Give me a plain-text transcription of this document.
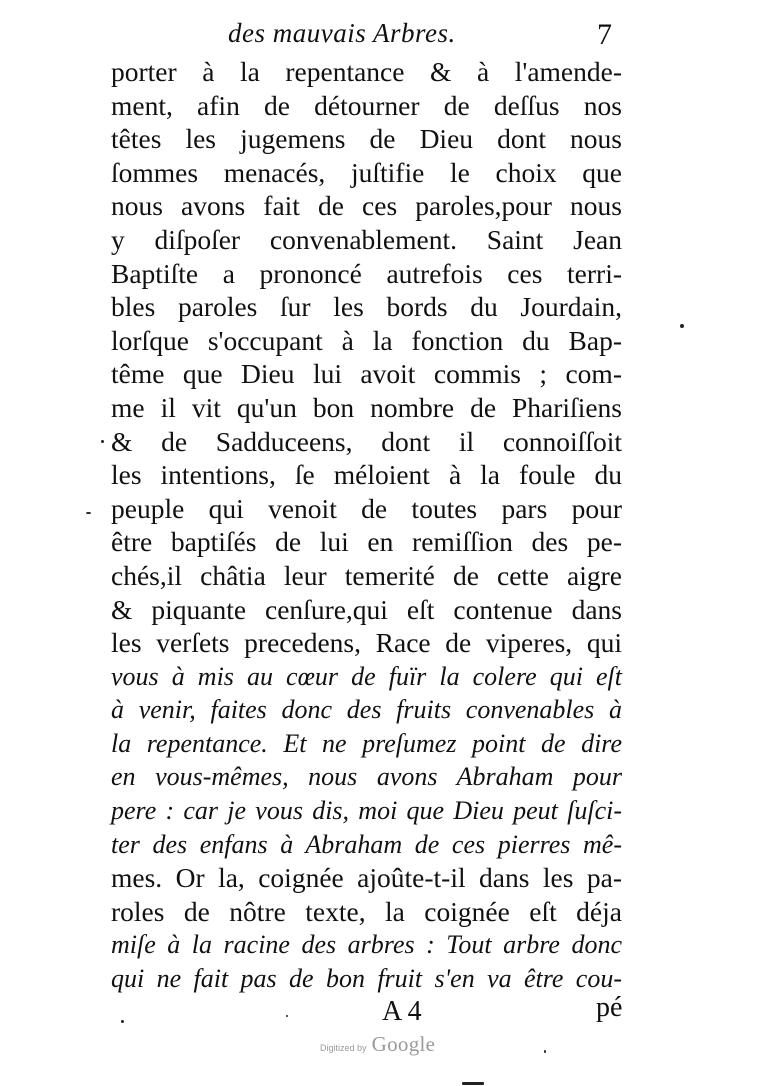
des mauvais Arbres.	7
porter à la repentance & à l'amende-
ment, afin de détourner de deſſus nos
têtes les jugemens de Dieu dont nous
ſommes menacés, juſtifie le choix que
nous avons fait de ces paroles,pour nous
y diſpoſer convenablement. Saint Jean
Baptiſte a prononcé autrefois ces terri-
bles paroles ſur les bords du Jourdain,
lorſque s'occupant à la fonction du Bap-
tême que Dieu lui avoit commis ; com-
me il vit qu'un bon nombre de Phariſiens
& de Sadduceens, dont il connoiſſoit
les intentions, ſe méloient à la foule du
peuple qui venoit de toutes pars pour
être baptiſés de lui en remiſſion des pe-
chés,il châtia leur temerité de cette aigre
& piquante cenſure,qui eſt contenue dans
les verſets precedens, Race de viperes, qui
vous à mis au cœur de fuïr la colere qui eſt
à venir, faites donc des fruits convenables à
la repentance. Et ne preſumez point de dire
en vous-mêmes, nous avons Abraham pour
pere : car je vous dis, moi que Dieu peut ſuſci-
ter des enfans à Abraham de ces pierres mê-
mes. Or la, coignée ajoûte-t-il dans les pa-
roles de nôtre texte, la coignée eſt déja
miſe à la racine des arbres : Tout arbre donc
qui ne fait pas de bon fruit s'en va être cou-
A 4	pé
Digitized by Google
